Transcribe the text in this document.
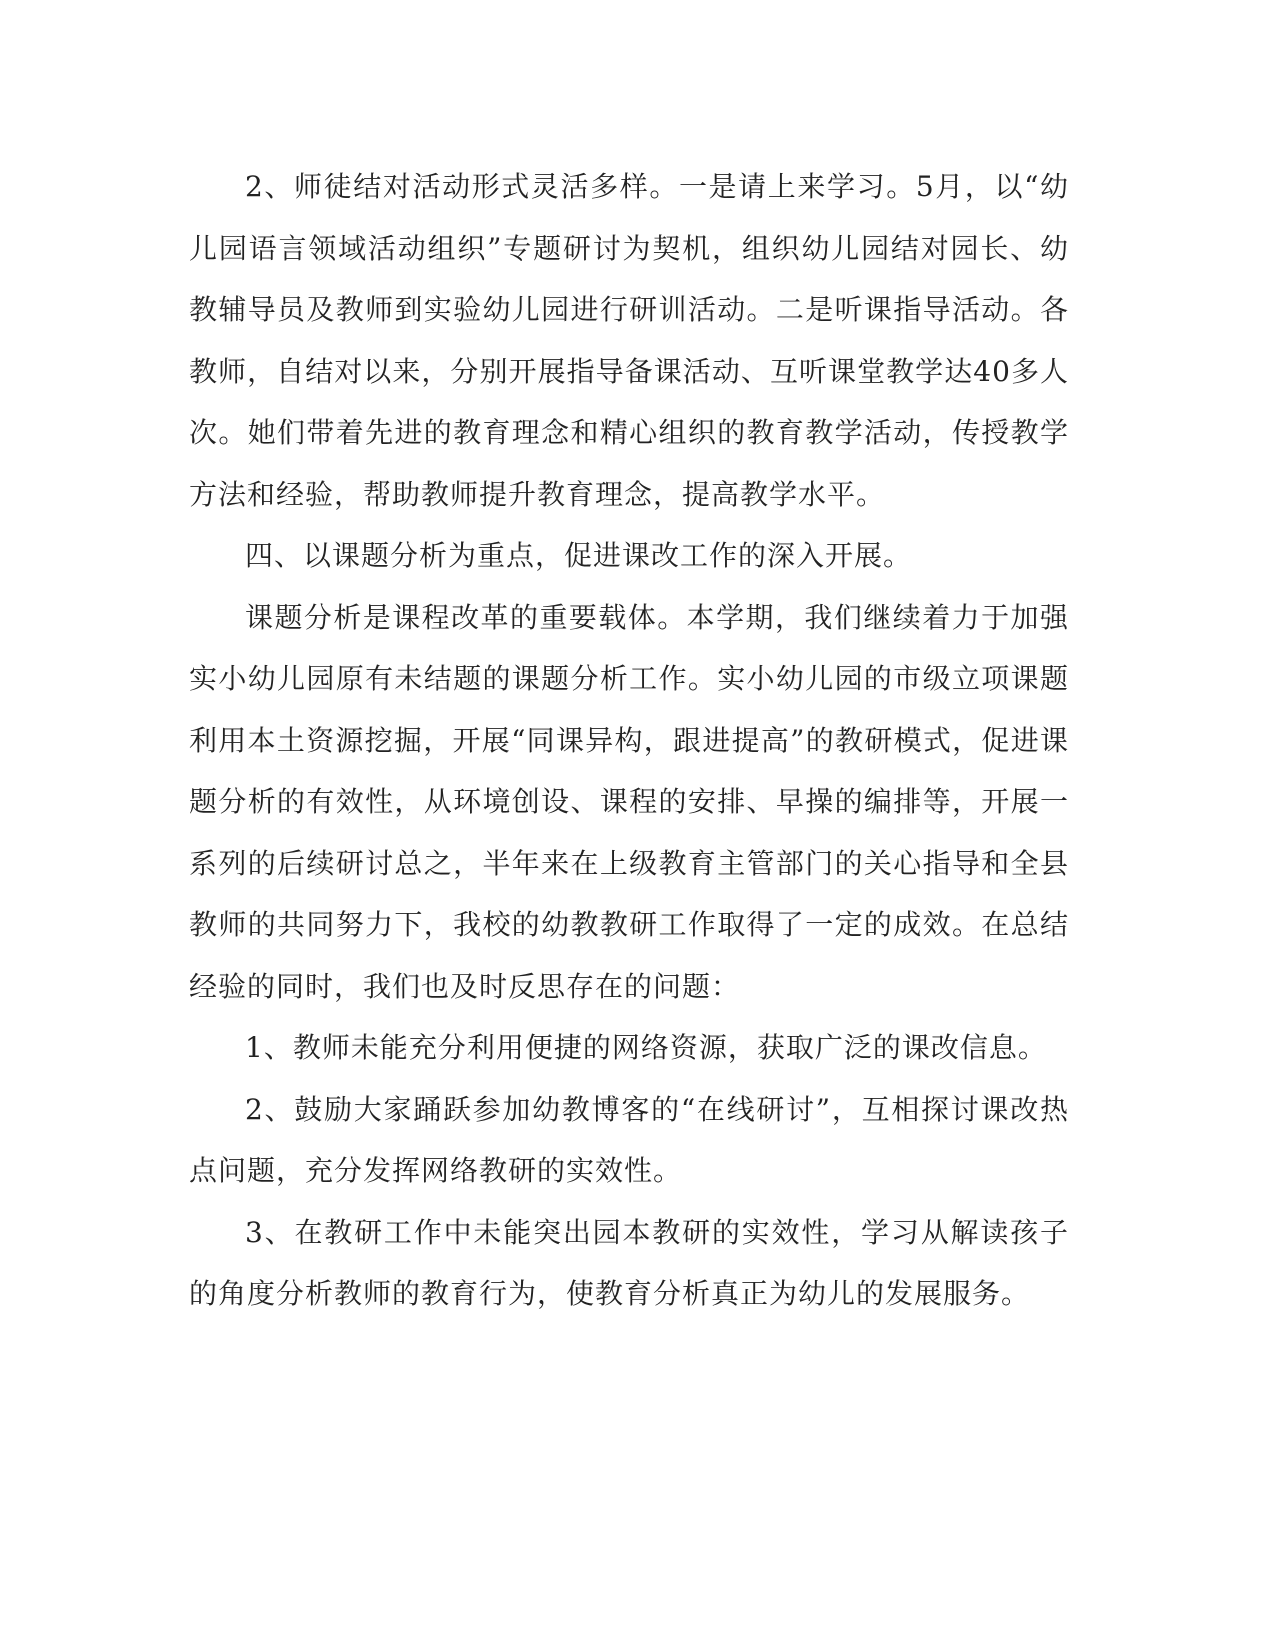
2、师徒结对活动形式灵活多样。一是请上来学习。5月，以“幼儿园语言领域活动组织”专题研讨为契机，组织幼儿园结对园长、幼教辅导员及教师到实验幼儿园进行研训活动。二是听课指导活动。各教师，自结对以来，分别开展指导备课活动、互听课堂教学达40多人次。她们带着先进的教育理念和精心组织的教育教学活动，传授教学方法和经验，帮助教师提升教育理念，提高教学水平。

四、以课题分析为重点，促进课改工作的深入开展。

课题分析是课程改革的重要载体。本学期，我们继续着力于加强实小幼儿园原有未结题的课题分析工作。实小幼儿园的市级立项课题利用本土资源挖掘，开展“同课异构，跟进提高”的教研模式，促进课题分析的有效性，从环境创设、课程的安排、早操的编排等，开展一系列的后续研讨总之，半年来在上级教育主管部门的关心指导和全县教师的共同努力下，我校的幼教教研工作取得了一定的成效。在总结经验的同时，我们也及时反思存在的问题：

1、教师未能充分利用便捷的网络资源，获取广泛的课改信息。

2、鼓励大家踊跃参加幼教博客的“在线研讨”，互相探讨课改热点问题，充分发挥网络教研的实效性。

3、在教研工作中未能突出园本教研的实效性，学习从解读孩子的角度分析教师的教育行为，使教育分析真正为幼儿的发展服务。
